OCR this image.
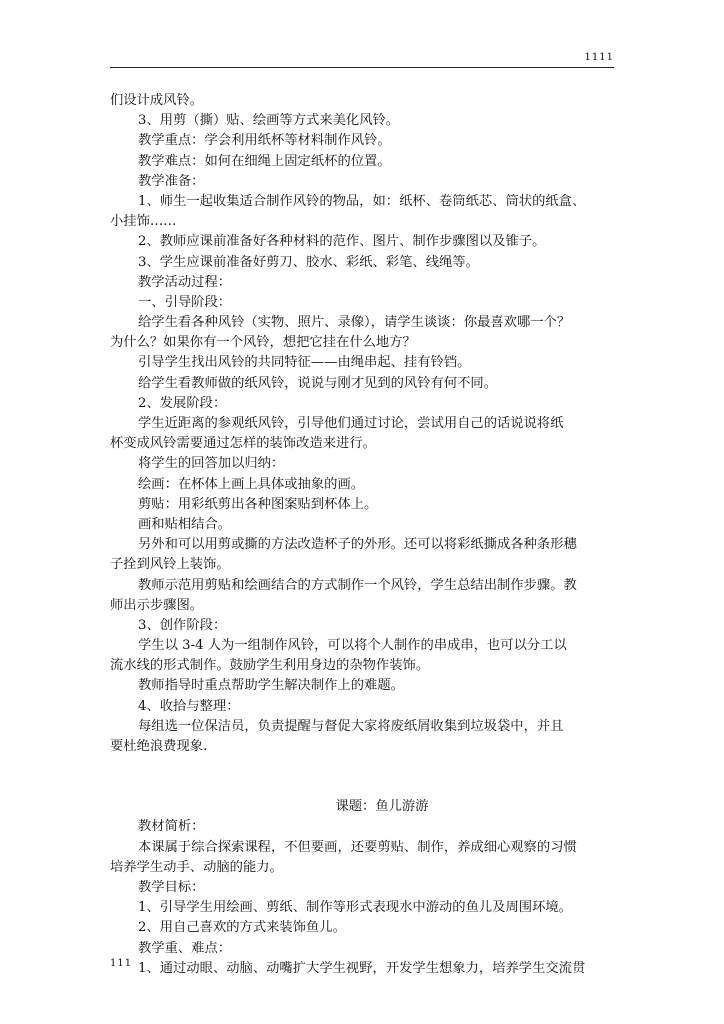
1111
们设计成风铃。
3、用剪（撕）贴、绘画等方式来美化风铃。
教学重点：学会利用纸杯等材料制作风铃。
教学难点：如何在细绳上固定纸杯的位置。
教学准备：
1、师生一起收集适合制作风铃的物品，如：纸杯、卷筒纸芯、筒状的纸盒、
小挂饰……
2、教师应课前准备好各种材料的范作、图片、制作步骤图以及锥子。
3、学生应课前准备好剪刀、胶水、彩纸、彩笔、线绳等。
教学活动过程：
一、引导阶段：
给学生看各种风铃（实物、照片、录像），请学生谈谈：你最喜欢哪一个？
为什么？如果你有一个风铃，想把它挂在什么地方？
引导学生找出风铃的共同特征——由绳串起、挂有铃铛。
给学生看教师做的纸风铃，说说与刚才见到的风铃有何不同。
2、发展阶段：
学生近距离的参观纸风铃，引导他们通过讨论，尝试用自己的话说说将纸
杯变成风铃需要通过怎样的装饰改造来进行。
将学生的回答加以归纳：
绘画：在杯体上画上具体或抽象的画。
剪贴：用彩纸剪出各种图案贴到杯体上。
画和贴相结合。
另外和可以用剪或撕的方法改造杯子的外形。还可以将彩纸撕成各种条形穗
子拴到风铃上装饰。
教师示范用剪贴和绘画结合的方式制作一个风铃，学生总结出制作步骤。教
师出示步骤图。
3、创作阶段：
学生以 3-4 人为一组制作风铃，可以将个人制作的串成串，也可以分工以
流水线的形式制作。鼓励学生利用身边的杂物作装饰。
教师指导时重点帮助学生解决制作上的难题。
4、收拾与整理：
每组选一位保洁员，负责提醒与督促大家将废纸屑收集到垃圾袋中，并且
要杜绝浪费现象.
课题：鱼儿游游
教材简析：
本课属于综合探索课程，不但要画，还要剪贴、制作，养成细心观察的习惯
培养学生动手、动脑的能力。
教学目标：
1、引导学生用绘画、剪纸、制作等形式表现水中游动的鱼儿及周围环境。
2、用自己喜欢的方式来装饰鱼儿。
教学重、难点：
1、通过动眼、动脑、动嘴扩大学生视野，开发学生想象力，培养学生交流贯
111
